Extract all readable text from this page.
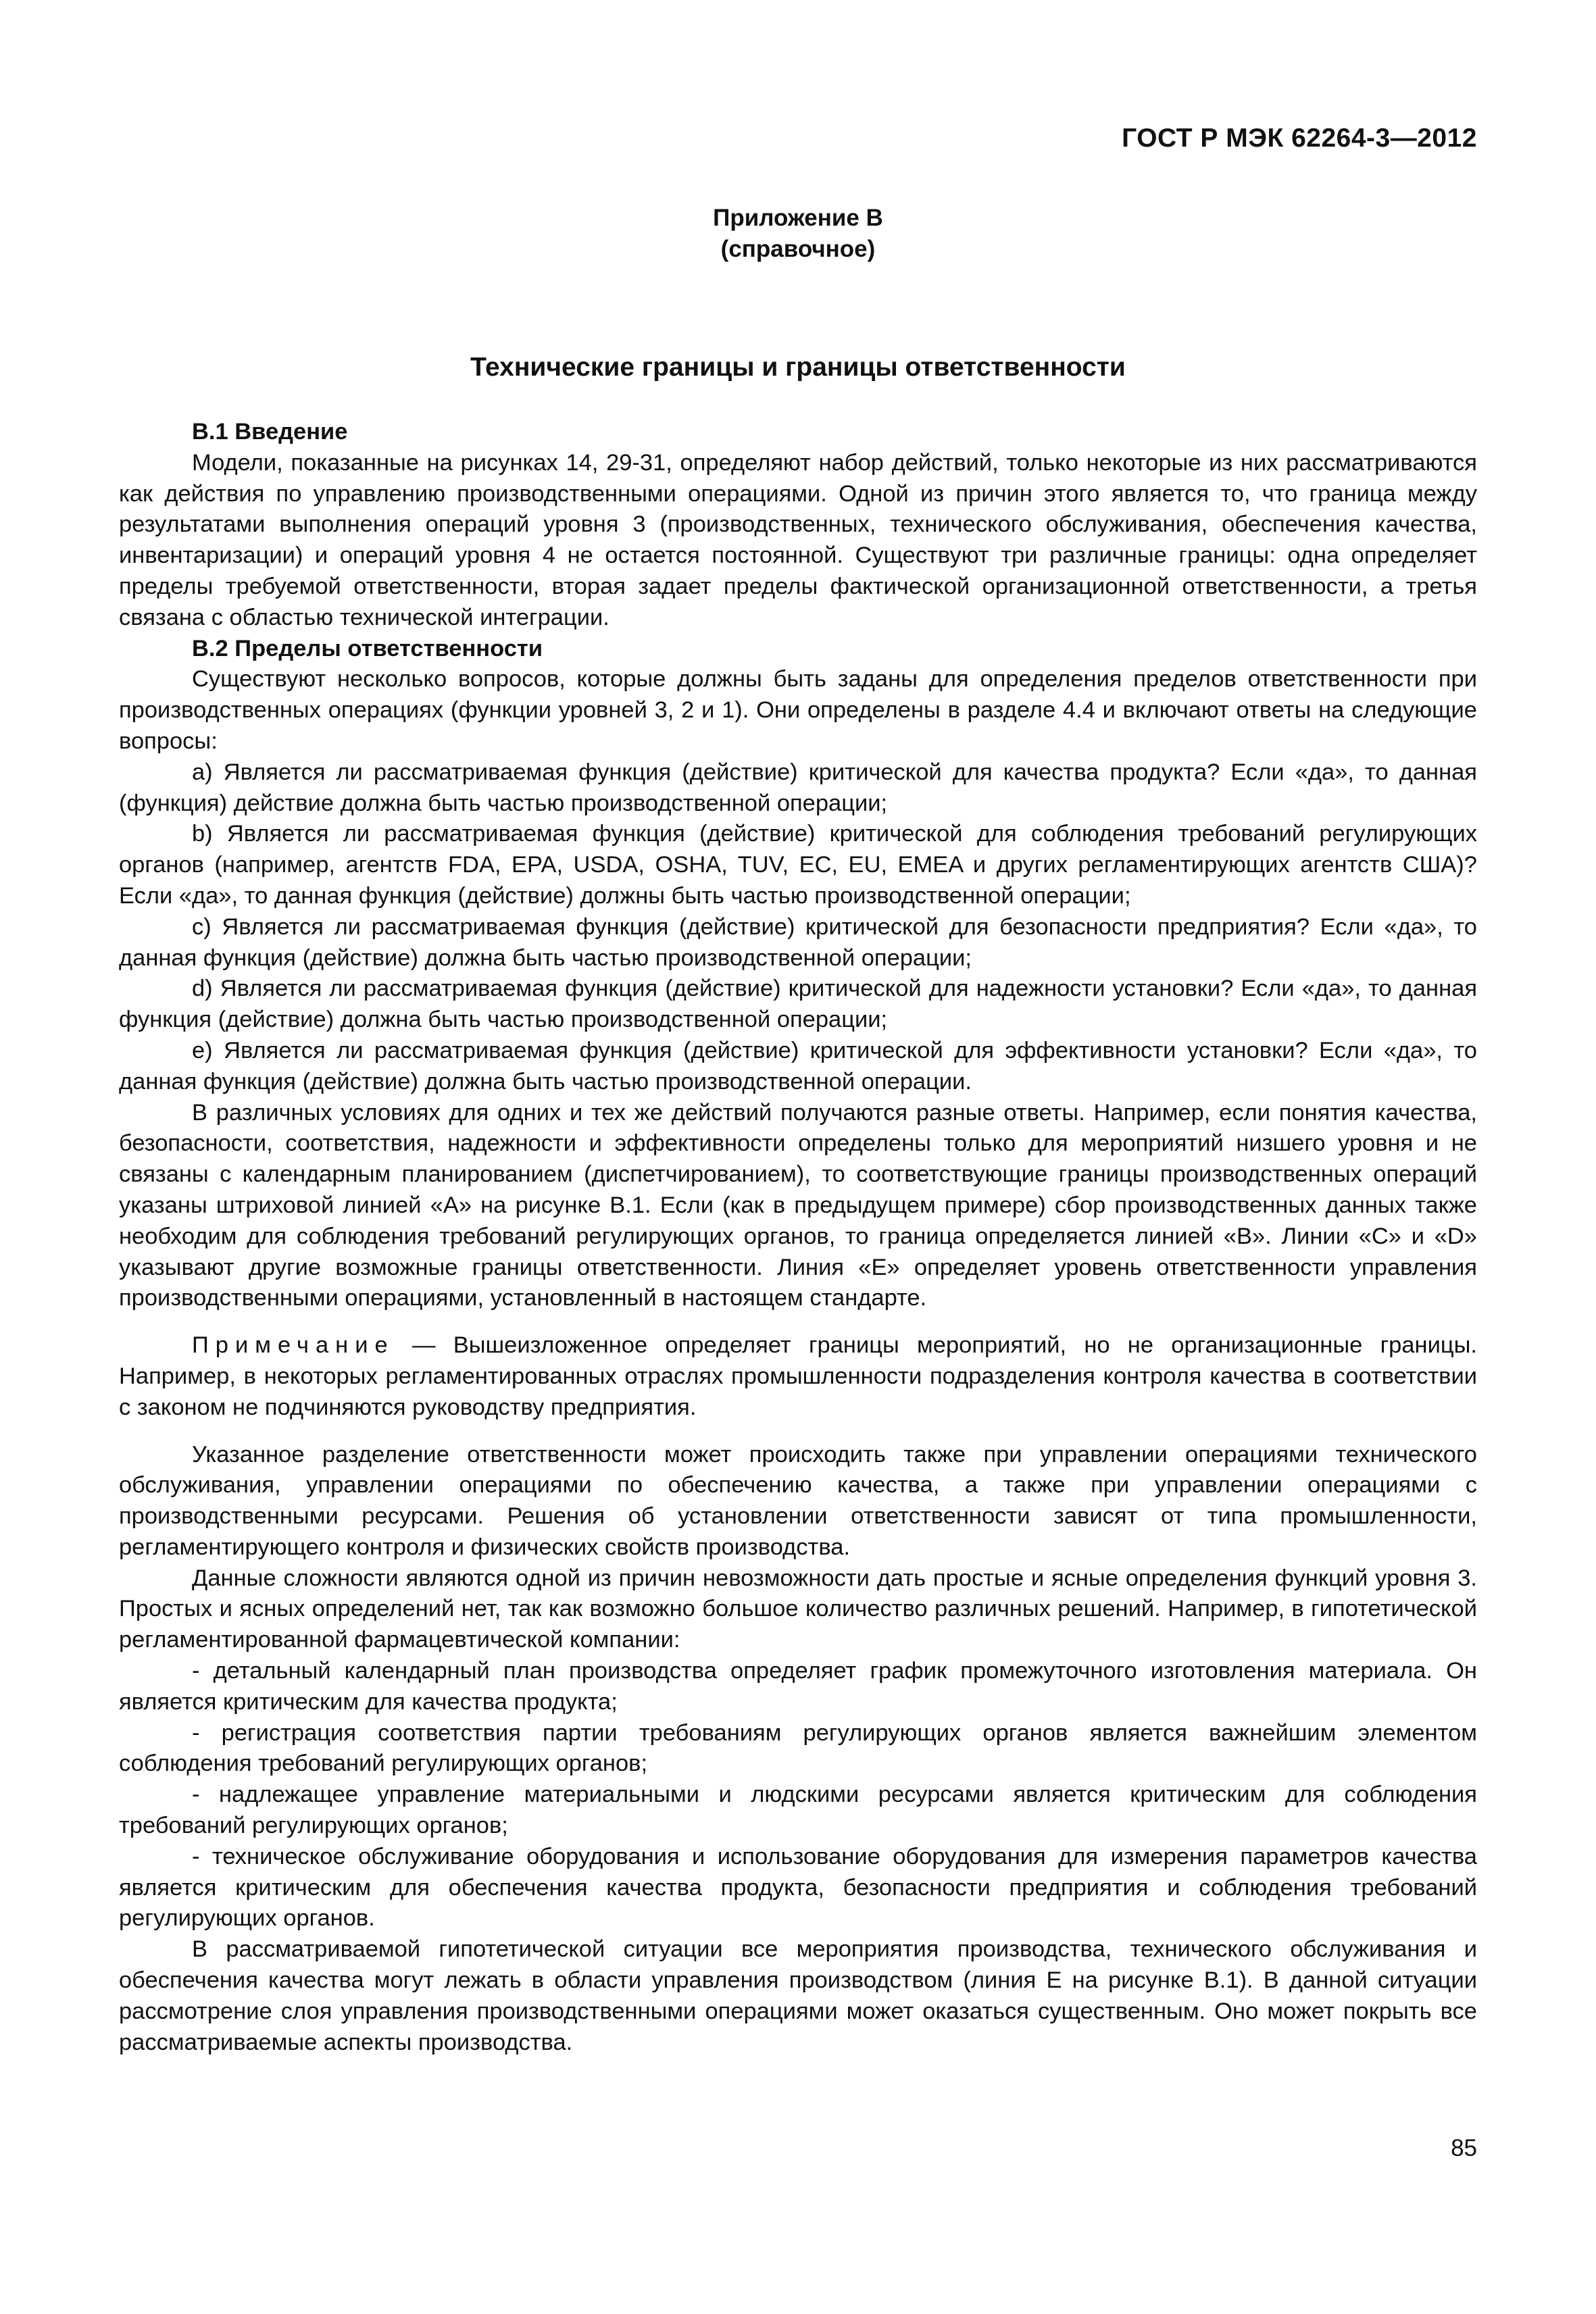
ГОСТ Р МЭК 62264-3—2012
Приложение B
(справочное)
Технические границы и границы ответственности
B.1 Введение

Модели, показанные на рисунках 14, 29-31, определяют набор действий, только некоторые из них рассматриваются как действия по управлению производственными операциями. Одной из причин этого является то, что граница между результатами выполнения операций уровня 3 (производственных, технического обслуживания, обеспечения качества, инвентаризации) и операций уровня 4 не остается постоянной. Существуют три различные границы: одна определяет пределы требуемой ответственности, вторая задает пределы фактической организационной ответственности, а третья связана с областью технической интеграции.

B.2 Пределы ответственности

Существуют несколько вопросов, которые должны быть заданы для определения пределов ответственности при производственных операциях (функции уровней 3, 2 и 1). Они определены в разделе 4.4 и включают ответы на следующие вопросы:

a) Является ли рассматриваемая функция (действие) критической для качества продукта? Если «да», то данная (функция) действие должна быть частью производственной операции;

b) Является ли рассматриваемая функция (действие) критической для соблюдения требований регулирующих органов (например, агентств FDA, EPA, USDA, OSHA, TUV, EC, EU, EMEA и других регламентирующих агентств США)? Если «да», то данная функция (действие) должны быть частью производственной операции;

c) Является ли рассматриваемая функция (действие) критической для безопасности предприятия? Если «да», то данная функция (действие) должна быть частью производственной операции;

d) Является ли рассматриваемая функция (действие) критической для надежности установки? Если «да», то данная функция (действие) должна быть частью производственной операции;

e) Является ли рассматриваемая функция (действие) критической для эффективности установки? Если «да», то данная функция (действие) должна быть частью производственной операции.

В различных условиях для одних и тех же действий получаются разные ответы. Например, если понятия качества, безопасности, соответствия, надежности и эффективности определены только для мероприятий низшего уровня и не связаны с календарным планированием (диспетчированием), то соответствующие границы производственных операций указаны штриховой линией «A» на рисунке B.1. Если (как в предыдущем примере) сбор производственных данных также необходим для соблюдения требований регулирующих органов, то граница определяется линией «B». Линии «C» и «D» указывают другие возможные границы ответственности. Линия «E» определяет уровень ответственности управления производственными операциями, установленный в настоящем стандарте.

Примечание — Вышеизложенное определяет границы мероприятий, но не организационные границы. Например, в некоторых регламентированных отраслях промышленности подразделения контроля качества в соответствии с законом не подчиняются руководству предприятия.

Указанное разделение ответственности может происходить также при управлении операциями технического обслуживания, управлении операциями по обеспечению качества, а также при управлении операциями с производственными ресурсами. Решения об установлении ответственности зависят от типа промышленности, регламентирующего контроля и физических свойств производства.

Данные сложности являются одной из причин невозможности дать простые и ясные определения функций уровня 3. Простых и ясных определений нет, так как возможно большое количество различных решений. Например, в гипотетической регламентированной фармацевтической компании:

- детальный календарный план производства определяет график промежуточного изготовления материала. Он является критическим для качества продукта;

- регистрация соответствия партии требованиям регулирующих органов является важнейшим элементом соблюдения требований регулирующих органов;

- надлежащее управление материальными и людскими ресурсами является критическим для соблюдения требований регулирующих органов;

- техническое обслуживание оборудования и использование оборудования для измерения параметров качества является критическим для обеспечения качества продукта, безопасности предприятия и соблюдения требований регулирующих органов.

В рассматриваемой гипотетической ситуации все мероприятия производства, технического обслуживания и обеспечения качества могут лежать в области управления производством (линия E на рисунке B.1). В данной ситуации рассмотрение слоя управления производственными операциями может оказаться существенным. Оно может покрыть все рассматриваемые аспекты производства.

85
